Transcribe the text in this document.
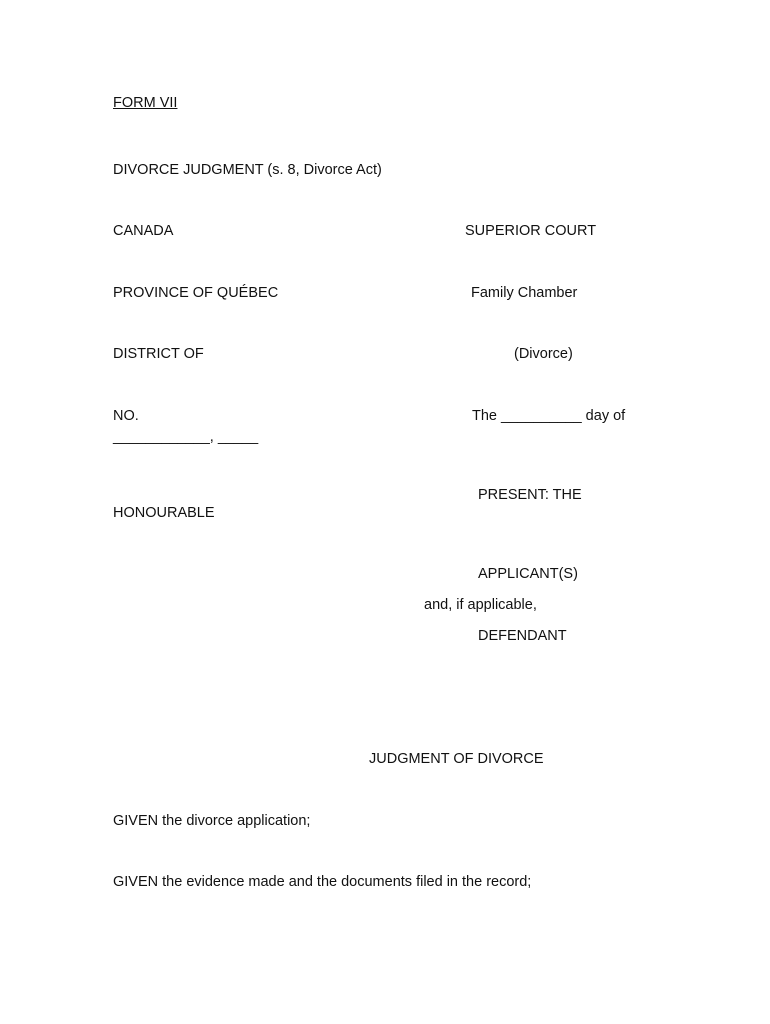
FORM VII
DIVORCE JUDGMENT (s. 8, Divorce Act)
CANADA	SUPERIOR COURT
PROVINCE OF QUÉBEC	Family Chamber
DISTRICT OF	(Divorce)
NO.	The __________ day of
____________, _____
PRESENT: THE
HONOURABLE
APPLICANT(S)
and, if applicable,
DEFENDANT
JUDGMENT OF DIVORCE
GIVEN the divorce application;
GIVEN the evidence made and the documents filed in the record;
